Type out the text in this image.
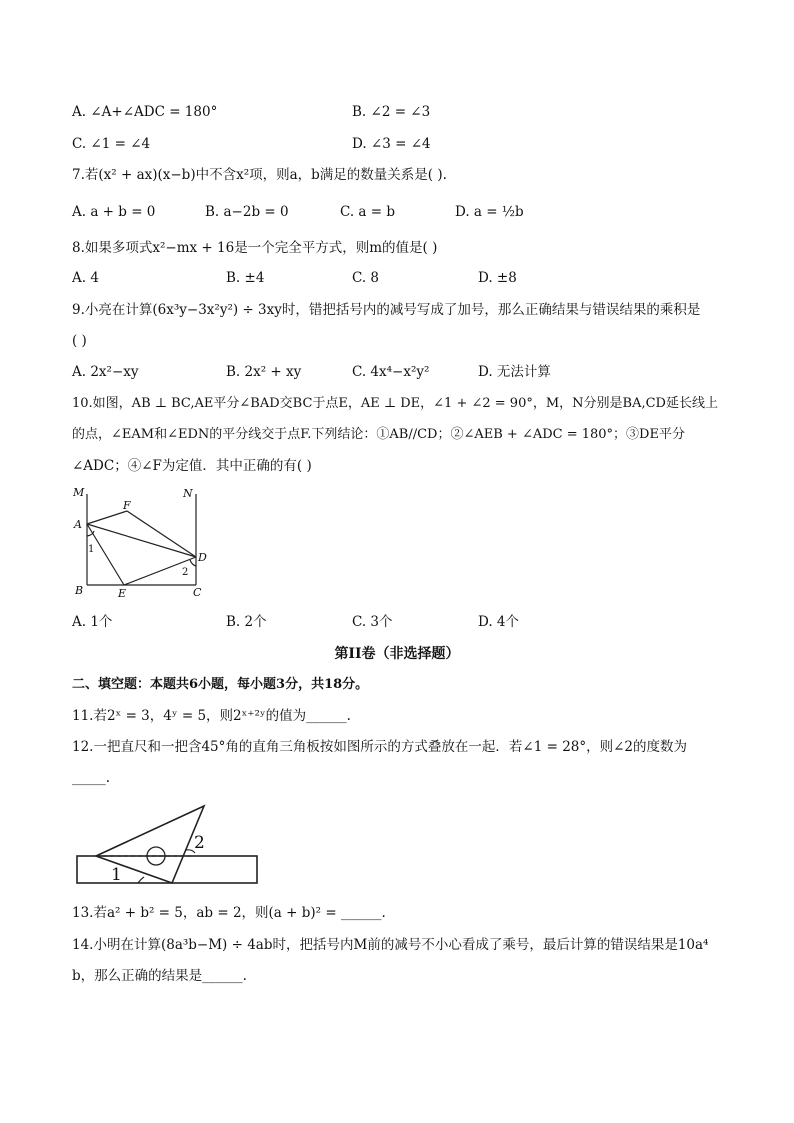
A. ∠A+∠ADC = 180°	B. ∠2 = ∠3
C. ∠1 = ∠4	D. ∠3 = ∠4
7.若(x² + ax)(x−b)中不含x²项，则a，b满足的数量关系是( ).
A. a + b = 0	B. a−2b = 0	C. a = b	D. a = ½b
8.如果多项式x²−mx + 16是一个完全平方式，则m的值是( )
A. 4	B. ±4	C. 8	D. ±8
9.小亮在计算(6x³y−3x²y²) ÷ 3xy时，错把括号内的减号写成了加号，那么正确结果与错误结果的乘积是
( )
A. 2x²−xy	B. 2x² + xy	C. 4x⁴−x²y²	D. 无法计算
10.如图，AB ⊥ BC,AE平分∠BAD交BC于点E，AE ⊥ DE，∠1 + ∠2 = 90°，M，N分别是BA,CD延长线上
的点，∠EAM和∠EDN的平分线交于点F.下列结论：①AB//CD；②∠AEB + ∠ADC = 180°；③DE平分
∠ADC；④∠F为定值．其中正确的有( )
M	N
F
A
D
B	E	C
1
2
A. 1个	B. 2个	C. 3个	D. 4个
第II卷（非选择题）
二、填空题：本题共6小题，每小题3分，共18分。
11.若2ˣ = 3，4ʸ = 5，则2ˣ⁺²ʸ的值为______.
12.一把直尺和一把含45°角的直角三角板按如图所示的方式叠放在一起．若∠1 = 28°，则∠2的度数为
_____.
1
2
13.若a² + b² = 5，ab = 2，则(a + b)² = ______.
14.小明在计算(8a³b−M) ÷ 4ab时，把括号内M前的减号不小心看成了乘号，最后计算的错误结果是10a⁴
b，那么正确的结果是______.
